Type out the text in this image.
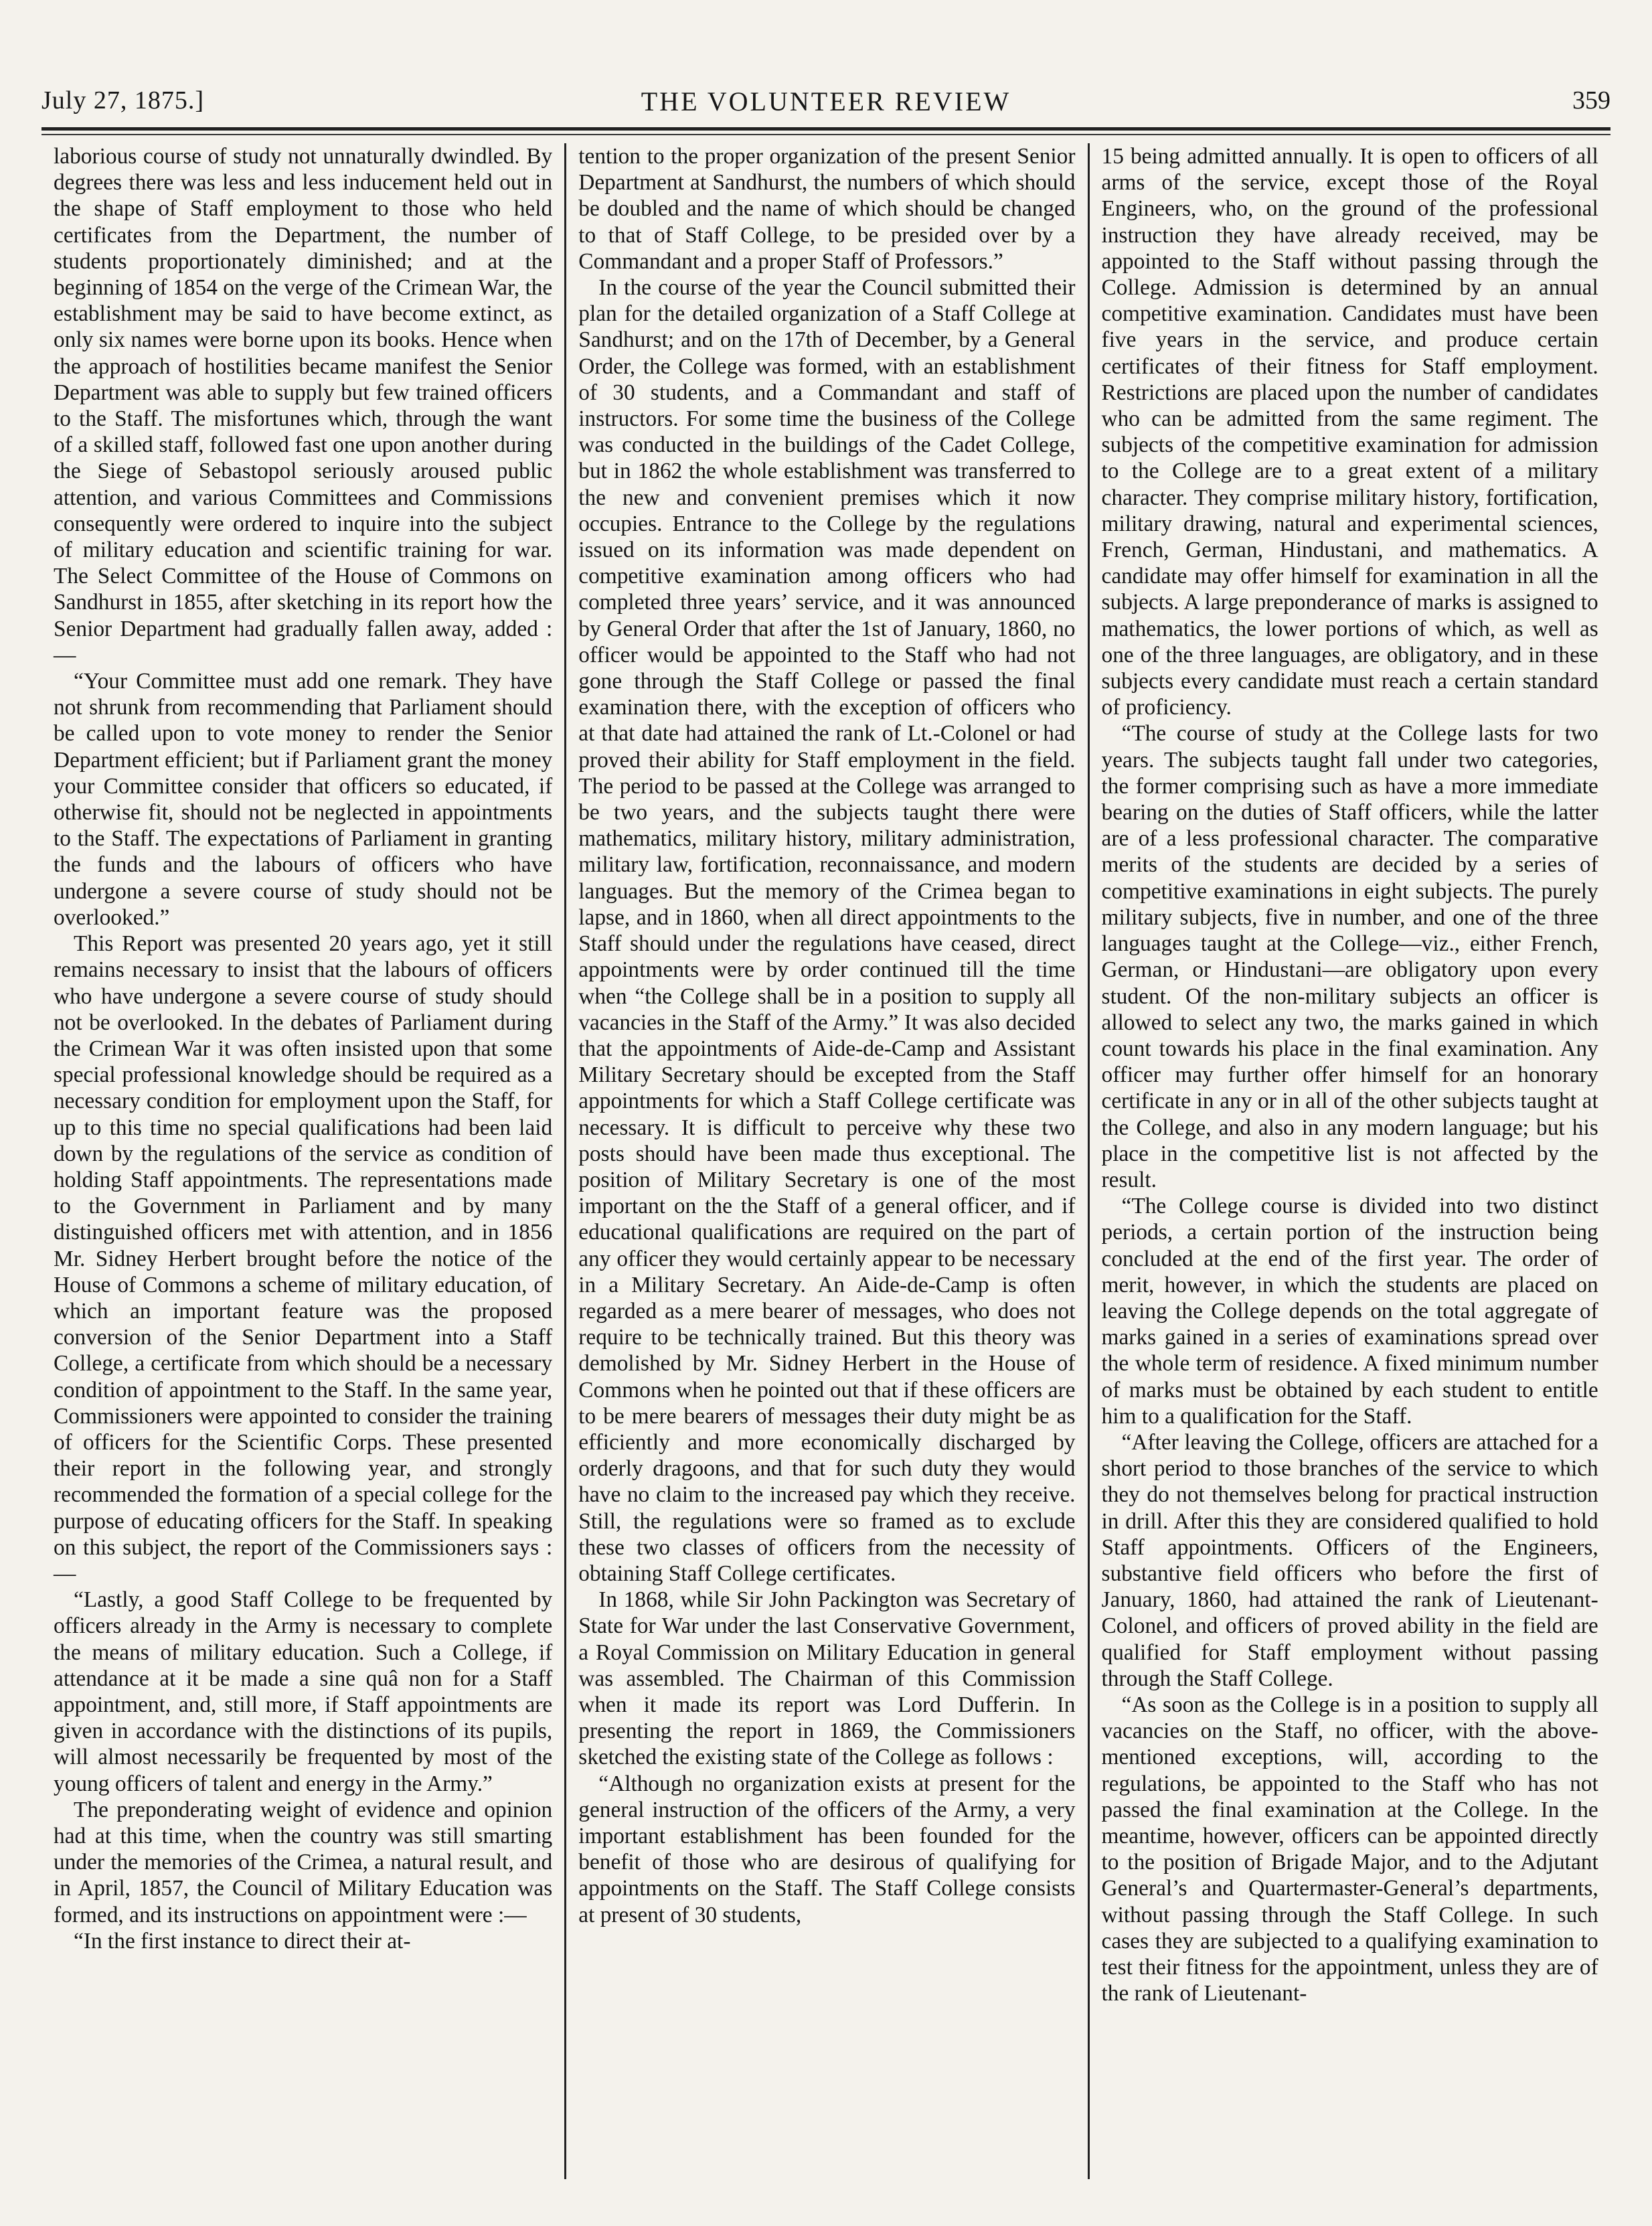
July 27, 1875.]	THE VOLUNTEER REVIEW	359

laborious course of study not unnaturally dwindled. By degrees there was less and less inducement held out in the shape of Staff employment to those who held certificates from the Department, the number of students proportionately diminished; and at the beginning of 1854 on the verge of the Crimean War, the establishment may be said to have become extinct, as only six names were borne upon its books. Hence when the approach of hostilities became manifest the Senior Department was able to supply but few trained officers to the Staff. The misfortunes which, through the want of a skilled staff, followed fast one upon another during the Siege of Sebastopol seriously aroused public attention, and various Committees and Commissions consequently were ordered to inquire into the subject of military education and scientific training for war. The Select Committee of the House of Commons on Sandhurst in 1855, after sketching in its report how the Senior Department had gradually fallen away, added :—

“Your Committee must add one remark. They have not shrunk from recommending that Parliament should be called upon to vote money to render the Senior Department efficient; but if Parliament grant the money your Committee consider that officers so educated, if otherwise fit, should not be neglected in appointments to the Staff. The expectations of Parliament in granting the funds and the labours of officers who have undergone a severe course of study should not be overlooked.”

This Report was presented 20 years ago, yet it still remains necessary to insist that the labours of officers who have undergone a severe course of study should not be overlooked. In the debates of Parliament during the Crimean War it was often insisted upon that some special professional knowledge should be required as a necessary condition for employment upon the Staff, for up to this time no special qualifications had been laid down by the regulations of the service as condition of holding Staff appointments. The representations made to the Government in Parliament and by many distinguished officers met with attention, and in 1856 Mr. Sidney Herbert brought before the notice of the House of Commons a scheme of military education, of which an important feature was the proposed conversion of the Senior Department into a Staff College, a certificate from which should be a necessary condition of appointment to the Staff. In the same year, Commissioners were appointed to consider the training of officers for the Scientific Corps. These presented their report in the following year, and strongly recommended the formation of a special college for the purpose of educating officers for the Staff. In speaking on this subject, the report of the Commissioners says :—

“Lastly, a good Staff College to be frequented by officers already in the Army is necessary to complete the means of military education. Such a College, if attendance at it be made a sine quâ non for a Staff appointment, and, still more, if Staff appointments are given in accordance with the distinctions of its pupils, will almost necessarily be frequented by most of the young officers of talent and energy in the Army.”

The preponderating weight of evidence and opinion had at this time, when the country was still smarting under the memories of the Crimea, a natural result, and in April, 1857, the Council of Military Education was formed, and its instructions on appointment were :—

“In the first instance to direct their at-

tention to the proper organization of the present Senior Department at Sandhurst, the numbers of which should be doubled and the name of which should be changed to that of Staff College, to be presided over by a Commandant and a proper Staff of Professors.”

In the course of the year the Council submitted their plan for the detailed organization of a Staff College at Sandhurst; and on the 17th of December, by a General Order, the College was formed, with an establishment of 30 students, and a Commandant and staff of instructors. For some time the business of the College was conducted in the buildings of the Cadet College, but in 1862 the whole establishment was transferred to the new and convenient premises which it now occupies. Entrance to the College by the regulations issued on its information was made dependent on competitive examination among officers who had completed three years’ service, and it was announced by General Order that after the 1st of January, 1860, no officer would be appointed to the Staff who had not gone through the Staff College or passed the final examination there, with the exception of officers who at that date had attained the rank of Lt.-Colonel or had proved their ability for Staff employment in the field. The period to be passed at the College was arranged to be two years, and the subjects taught there were mathematics, military history, military administration, military law, fortification, reconnaissance, and modern languages. But the memory of the Crimea began to lapse, and in 1860, when all direct appointments to the Staff should under the regulations have ceased, direct appointments were by order continued till the time when “the College shall be in a position to supply all vacancies in the Staff of the Army.” It was also decided that the appointments of Aide-de-Camp and Assistant Military Secretary should be excepted from the Staff appointments for which a Staff College certificate was necessary. It is difficult to perceive why these two posts should have been made thus exceptional. The position of Military Secretary is one of the most important on the the Staff of a general officer, and if educational qualifications are required on the part of any officer they would certainly appear to be necessary in a Military Secretary. An Aide-de-Camp is often regarded as a mere bearer of messages, who does not require to be technically trained. But this theory was demolished by Mr. Sidney Herbert in the House of Commons when he pointed out that if these officers are to be mere bearers of messages their duty might be as efficiently and more economically discharged by orderly dragoons, and that for such duty they would have no claim to the increased pay which they receive. Still, the regulations were so framed as to exclude these two classes of officers from the necessity of obtaining Staff College certificates.

In 1868, while Sir John Packington was Secretary of State for War under the last Conservative Government, a Royal Commission on Military Education in general was assembled. The Chairman of this Commission when it made its report was Lord Dufferin. In presenting the report in 1869, the Commissioners sketched the existing state of the College as follows :

“Although no organization exists at present for the general instruction of the officers of the Army, a very important establishment has been founded for the benefit of those who are desirous of qualifying for appointments on the Staff. The Staff College consists at present of 30 students,

15 being admitted annually. It is open to officers of all arms of the service, except those of the Royal Engineers, who, on the ground of the professional instruction they have already received, may be appointed to the Staff without passing through the College. Admission is determined by an annual competitive examination. Candidates must have been five years in the service, and produce certain certificates of their fitness for Staff employment. Restrictions are placed upon the number of candidates who can be admitted from the same regiment. The subjects of the competitive examination for admission to the College are to a great extent of a military character. They comprise military history, fortification, military drawing, natural and experimental sciences, French, German, Hindustani, and mathematics. A candidate may offer himself for examination in all the subjects. A large preponderance of marks is assigned to mathematics, the lower portions of which, as well as one of the three languages, are obligatory, and in these subjects every candidate must reach a certain standard of proficiency.

“The course of study at the College lasts for two years. The subjects taught fall under two categories, the former comprising such as have a more immediate bearing on the duties of Staff officers, while the latter are of a less professional character. The comparative merits of the students are decided by a series of competitive examinations in eight subjects. The purely military subjects, five in number, and one of the three languages taught at the College—viz., either French, German, or Hindustani—are obligatory upon every student. Of the non-military subjects an officer is allowed to select any two, the marks gained in which count towards his place in the final examination. Any officer may further offer himself for an honorary certificate in any or in all of the other subjects taught at the College, and also in any modern language; but his place in the competitive list is not affected by the result.

“The College course is divided into two distinct periods, a certain portion of the instruction being concluded at the end of the first year. The order of merit, however, in which the students are placed on leaving the College depends on the total aggregate of marks gained in a series of examinations spread over the whole term of residence. A fixed minimum number of marks must be obtained by each student to entitle him to a qualification for the Staff.

“After leaving the College, officers are attached for a short period to those branches of the service to which they do not themselves belong for practical instruction in drill. After this they are considered qualified to hold Staff appointments. Officers of the Engineers, substantive field officers who before the first of January, 1860, had attained the rank of Lieutenant-Colonel, and officers of proved ability in the field are qualified for Staff employment without passing through the Staff College.

“As soon as the College is in a position to supply all vacancies on the Staff, no officer, with the above-mentioned exceptions, will, according to the regulations, be appointed to the Staff who has not passed the final examination at the College. In the meantime, however, officers can be appointed directly to the position of Brigade Major, and to the Adjutant General’s and Quartermaster-General’s departments, without passing through the Staff College. In such cases they are subjected to a qualifying examination to test their fitness for the appointment, unless they are of the rank of Lieutenant-
